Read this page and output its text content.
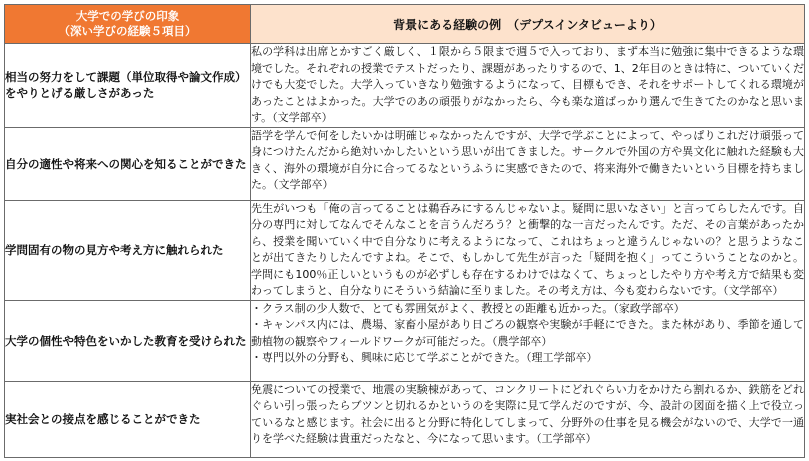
大学での学びの印象
（深い学びの経験５項目）	背景にある経験の例　（デプスインタビューより）
相当の努力をして課題（単位取得や論文作成）をやりとげる厳しさがあった	私の学科は出席とかすごく厳しく、１限から５限まで週５で入っており、まず本当に勉強に集中できるような環境でした。それぞれの授業でテストだったり、課題があったりするので、1、2年目のときは特に、ついていくだけでも大変でした。大学入っていきなり勉強するようになって、目標もでき、それをサポートしてくれる環境があったことはよかった。大学でのあの頑張りがなかったら、今も楽な道ばっかり選んで生きてたのかなと思います。（文学部卒）
自分の適性や将来への関心を知ることができた	語学を学んで何をしたいかは明確じゃなかったんですが、大学で学ぶことによって、やっぱりこれだけ頑張って身につけたんだから絶対いかしたいという思いが出てきました。サークルで外国の方や異文化に触れた経験も大きく、海外の環境が自分に合ってるなというふうに実感できたので、将来海外で働きたいという目標を持ちました。（文学部卒）
学問固有の物の見方や考え方に触れられた	先生がいつも「俺の言ってることは鵜呑みにするんじゃないよ。疑問に思いなさい」と言ってらしたんです。自分の専門に対してなんでそんなことを言うんだろう？と衝撃的な一言だったんです。ただ、その言葉があったから、授業を聞いていく中で自分なりに考えるようになって、これはちょっと違うんじゃないの？と思うようなことが出てきたりしたんですよね。そこで、もしかして先生が言った「疑問を抱く」ってこういうことなのかと。学問にも100％正しいというものが必ずしも存在するわけではなくて、ちょっとしたやり方や考え方で結果も変わってしまうと、自分なりにそういう結論に至りました。その考え方は、今も変わらないです。（文学部卒）
大学の個性や特色をいかした教育を受けられた	・クラス制の少人数で、とても雰囲気がよく、教授との距離も近かった。（家政学部卒）
・キャンパス内には、農場、家畜小屋があり日ごろの観察や実験が手軽にできた。また林があり、季節を通して動植物の観察やフィールドワークが可能だった。（農学部卒）
・専門以外の分野も、興味に応じて学ぶことができた。（理工学部卒）

実社会との接点を感じることができた	免震についての授業で、地震の実験棟があって、コンクリートにどれぐらい力をかけたら割れるか、鉄筋をどれぐらい引っ張ったらブツンと切れるかというのを実際に見て学んだのですが、今、設計の図面を描く上で役立っているなと感じます。社会に出ると分野に特化してしまって、分野外の仕事を見る機会がないので、大学で一通りを学べた経験は貴重だったなと、今になって思います。（工学部卒）
